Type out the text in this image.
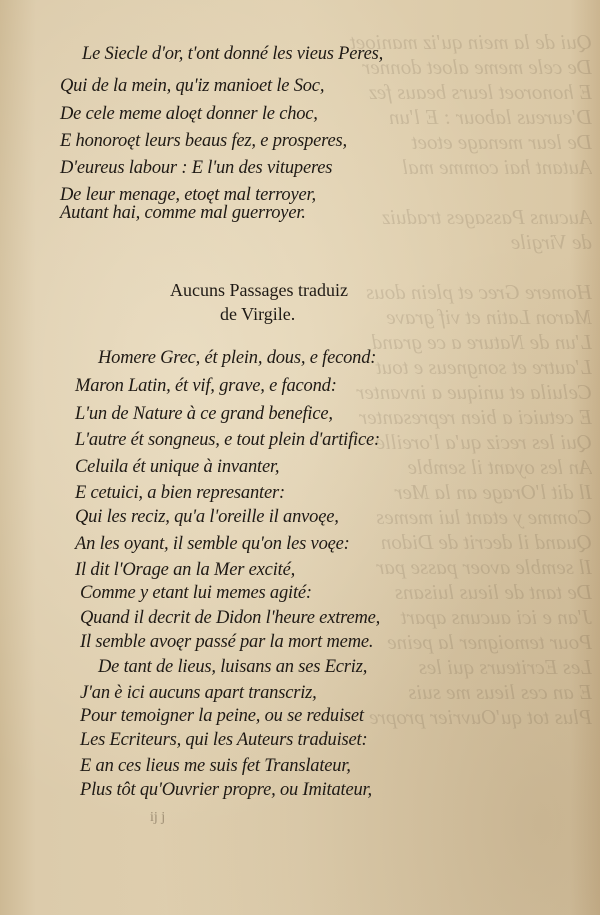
Qui de la mein qu'iz manioet
De cele meme aloet donner
E honoroet leurs beaus fez
D'eureus labour : E l'un
De leur menage etoet
Autant hai comme mal
Aucuns Passages traduiz
de Virgile
Homere Grec et plein dous
Maron Latin et vif grave
L'un de Nature a ce grand
L'autre et songneus e tout
Celuila et unique a invanter
E cetuici a bien represanter
Qui les reciz qu'a l'oreille
An les oyant il semble
Il dit l'Orage an la Mer
Comme y etant lui memes
Quand il decrit de Didon
Il semble avoer passe par
De tant de lieus luisans
J'an e ici aucuns apart
Pour temoigner la peine
Les Ecriteurs qui les
E an ces lieus me suis
Plus tot qu'Ouvrier propre
Le Siecle d'or, t'ont donné les vieus Peres,
Qui de la mein, qu'iz manioet le Soc,
De cele meme aloęt donner le choc,
E honoroęt leurs beaus fez, e prosperes,
D'eureus labour : E l'un des vituperes
De leur menage, etoęt mal terroyer,
Autant hai, comme mal guerroyer.
Aucuns Passages traduiz
de Virgile.
Homere Grec, ét plein, dous, e fecond:
Maron Latin, ét vif, grave, e facond:
L'un de Nature à ce grand benefice,
L'autre ét songneus, e tout plein d'artifice:
Celuila ét unique à invanter,
E cetuici, a bien represanter:
Qui les reciz, qu'a l'oreille il anvoęe,
An les oyant, il semble qu'on les voęe:
Il dit l'Orage an la Mer excité,
Comme y etant lui memes agité:
Quand il decrit de Didon l'heure extreme,
Il semble avoęr passé par la mort meme.
De tant de lieus, luisans an ses Ecriz,
J'an è ici aucuns apart transcriz,
Pour temoigner la peine, ou se reduiset
Les Ecriteurs, qui les Auteurs traduiset:
E an ces lieus me suis fet Translateur,
Plus tôt qu'Ouvrier propre, ou Imitateur,
ij j
